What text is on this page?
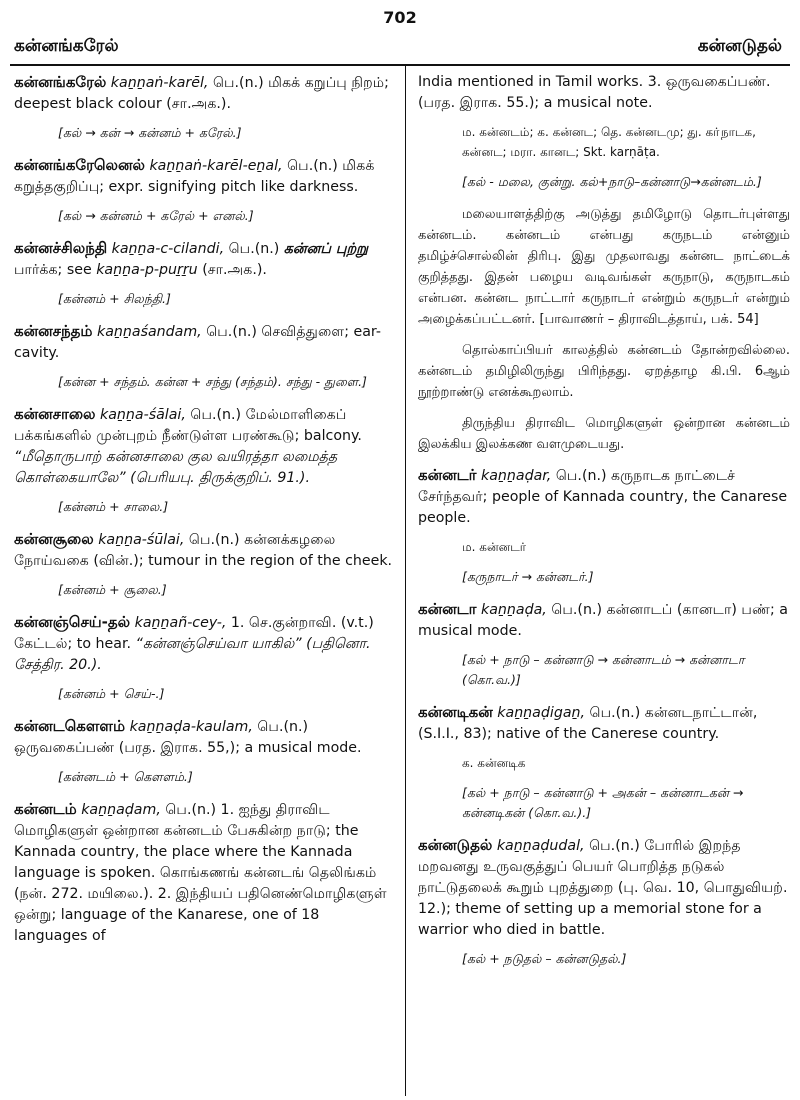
702
கன்னங்கரேல்	கன்னடுதல்

கன்னங்கரேல் kaṉṉaṅ-karēl, பெ.(n.) மிகக் கறுப்பு நிறம்; deepest black colour (சா.அக.).

[கல் → கன் → கன்னம் + கரேல்.]

கன்னங்கரேலெனல் kaṉṉaṅ-karēl-eṉal, பெ.(n.) மிகக் கறுத்தகுறிப்பு; expr. signifying pitch like darkness.

[கல் → கன்னம் + கரேல் + எனல்.]

கன்னச்சிலந்தி kaṉṉa-c-cilandi, பெ.(n.) கன்னப் புற்று பார்க்க; see kaṉṉa-p-puṟṟu (சா.அக.).

[கன்னம் + சிலந்தி.]

கன்னசந்தம் kaṉṉaśandam, பெ.(n.) செவித்துளை; ear-cavity.

[கன்ன + சந்தம். கன்ன + சந்து (சந்தம்). சந்து - துளை.]

கன்னசாலை kaṉṉa-śālai, பெ.(n.) மேல்மாளிகைப் பக்கங்களில் முன்புறம் நீண்டுள்ள பரண்கூடு; balcony. “மீதொருபாற் கன்னசாலை குல வயிரத்தா லமைத்த கொள்கையாலே” (பெரியபு. திருக்குறிப். 91.).

[கன்னம் + சாலை.]

கன்னசூலை kaṉṉa-śūlai, பெ.(n.) கன்னக்கழலை நோய்வகை (வின்.); tumour in the region of the cheek.

[கன்னம் + சூலை.]

கன்னஞ்செய்-தல் kaṉṉañ-cey-, 1. செ.குன்றாவி. (v.t.) கேட்டல்; to hear. “கன்னஞ்செய்வா யாகில்” (பதினொ. சேத்திர. 20.).

[கன்னம் + செய்-.]

கன்னடகௌளம் kaṉṉaḍa-kaulam, பெ.(n.) ஒருவகைப்பண் (பரத. இராக. 55,); a musical mode.

[கன்னடம் + கௌளம்.]

கன்னடம் kaṉṉaḍam, பெ.(n.) 1. ஐந்து திராவிட மொழிகளுள் ஒன்றான கன்னடம் பேசுகின்ற நாடு; the Kannada country, the place where the Kannada language is spoken. கொங்கணங் கன்னடங் தெலிங்கம் (நன். 272. மயிலை.). 2. இந்தியப் பதினெண்மொழிகளுள் ஒன்று; language of the Kanarese, one of 18 languages of

India mentioned in Tamil works. 3. ஒருவகைப்பண். (பரத. இராக. 55.); a musical note.

ம. கன்னடம்; க. கன்னட; தெ. கன்னடமு; து. கா்நாடக, கன்னட; மரா. கானட; Skt. karṇāṭa.

[கல் - மலை, குன்று. கல்+நாடு–கன்னாடு→கன்னடம்.]

மலையாளத்திற்கு அடுத்து தமிழோடு தொடர்புள்ளது கன்னடம். கன்னடம் என்பது கருநடம் என்னும் தமிழ்ச்சொல்லின் திரிபு. இது முதலாவது கன்னட நாட்டைக் குறித்தது. இதன் பழைய வடிவங்கள் கருநாடு, கருநாடகம் என்பன. கன்னட நாட்டார் கருநாடர் என்றும் கருநடர் என்றும் அழைக்கப்பட்டனர். [பாவாணர் – திராவிடத்தாய், பக். 54]

தொல்காப்பியர் காலத்தில் கன்னடம் தோன்றவில்லை. கன்னடம் தமிழிலிருந்து பிரிந்தது. ஏறத்தாழ கி.பி. 6ஆம் நூற்றாண்டு எனக்கூறலாம்.

திருந்திய திராவிட மொழிகளுள் ஒன்றான கன்னடம் இலக்கிய இலக்கண வளமுடையது.

கன்னடர் kaṉṉaḍar, பெ.(n.) கருநாடக நாட்டைச் சேர்ந்தவர்; people of Kannada country, the Canarese people.

ம. கன்னடர்

[கருநாடர் → கன்னடர்.]

கன்னடா kaṉṉaḍa, பெ.(n.) கன்னாடப் (கானடா) பண்; a musical mode.

[கல் + நாடு – கன்னாடு → கன்னாடம் → கன்னாடா (கொ.வ.)]

கன்னடிகன் kaṉṉaḍigaṉ, பெ.(n.) கன்னடநாட்டான், (S.I.I., 83); native of the Canerese country.

க. கன்னடிக

[கல் + நாடு – கன்னாடு + அகன் – கன்னாடகன் → கன்னடிகன் (கொ.வ.).]

கன்னடுதல் kaṉṉaḍudal, பெ.(n.) போரில் இறந்த மறவனது உருவகுத்துப் பெயர் பொறித்த நடுகல் நாட்டுதலைக் கூறும் புறத்துறை (பு. வெ. 10, பொதுவியற். 12.); theme of setting up a memorial stone for a warrior who died in battle.

[கல் + நடுதல் – கன்னடுதல்.]
